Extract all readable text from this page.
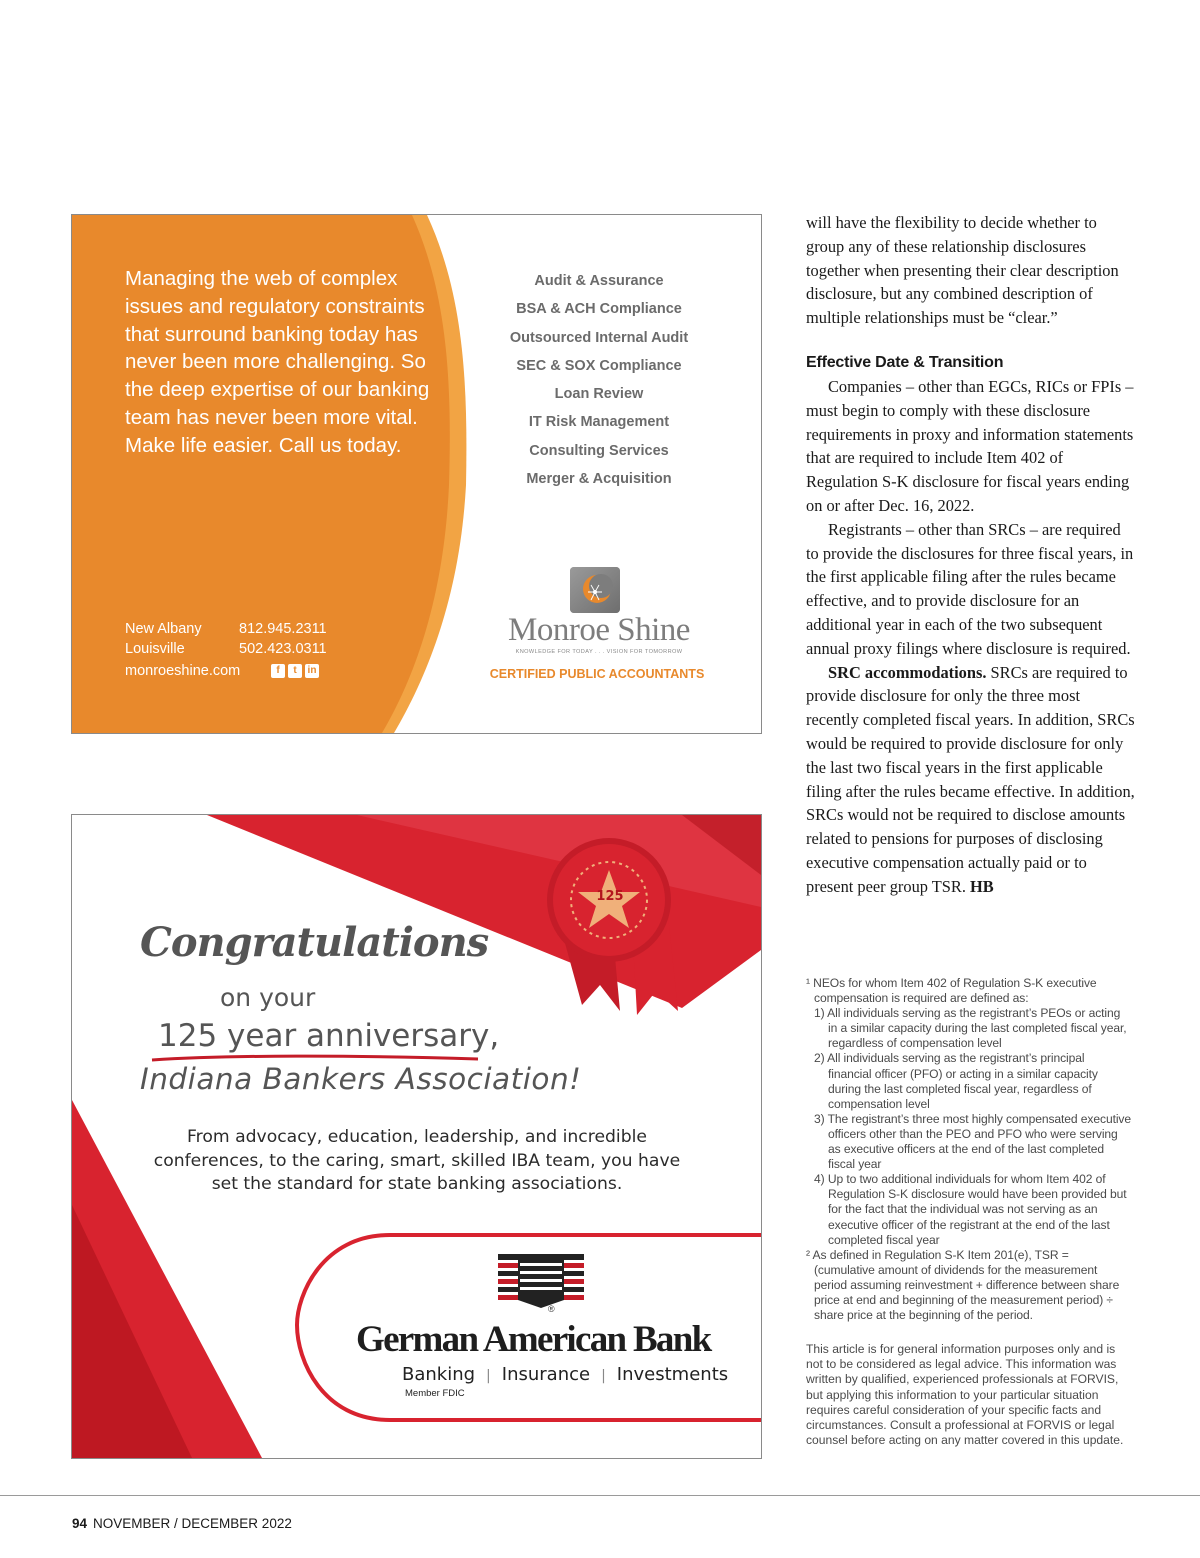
Managing the web of complex issues and regulatory constraints that surround banking today has never been more challenging. So the deep expertise of our banking team has never been more vital. Make life easier. Call us today.
New Albany	812.945.2311
Louisville	502.423.0311
monroeshine.com	f	t	in
Audit & Assurance
BSA & ACH Compliance
Outsourced Internal Audit
SEC & SOX Compliance
Loan Review
IT Risk Management
Consulting Services
Merger & Acquisition
Monroe Shine
KNOWLEDGE FOR TODAY . . . VISION FOR TOMORROW
CERTIFIED PUBLIC ACCOUNTANTS
125
Congratulations
on your
125 year anniversary,
Indiana Bankers Association!
From advocacy, education, leadership, and incredible conferences, to the caring, smart, skilled IBA team, you have set the standard for state banking associations.
®
German American Bank
Banking | Insurance | Investments
Member FDIC

will have the flexibility to decide whether to group any of these relationship disclosures together when presenting their clear description disclosure, but any combined description of multiple relationships must be “clear.”

Effective Date & Transition

Companies – other than EGCs, RICs or FPIs – must begin to comply with these disclosure requirements in proxy and information statements that are required to include Item 402 of Regulation S-K disclosure for fiscal years ending on or after Dec. 16, 2022.

Registrants – other than SRCs – are required to provide the disclosures for three fiscal years, in the first applicable filing after the rules became effective, and to provide disclosure for an additional year in each of the two subsequent annual proxy filings where disclosure is required.

SRC accommodations. SRCs are required to provide disclosure for only the three most recently completed fiscal years. In addition, SRCs would be required to provide disclosure for only the last two fiscal years in the first applicable filing after the rules became effective. In addition, SRCs would not be required to disclose amounts related to pensions for purposes of disclosing executive compensation actually paid or to present peer group TSR. HB

¹ NEOs for whom Item 402 of Regulation S-K executive compensation is required are defined as:
1) All individuals serving as the registrant’s PEOs or acting in a similar capacity during the last completed fiscal year, regardless of compensation level
2) All individuals serving as the registrant’s principal financial officer (PFO) or acting in a similar capacity during the last completed fiscal year, regardless of compensation level
3) The registrant’s three most highly compensated executive officers other than the PEO and PFO who were serving as executive officers at the end of the last completed fiscal year
4) Up to two additional individuals for whom Item 402 of Regulation S-K disclosure would have been provided but for the fact that the individual was not serving as an executive officer of the registrant at the end of the last completed fiscal year
² As defined in Regulation S-K Item 201(e), TSR = (cumulative amount of dividends for the measurement period assuming reinvestment + difference between share price at end and beginning of the measurement period) ÷ share price at the beginning of the period.
This article is for general information purposes only and is not to be considered as legal advice. This information was written by qualified, experienced professionals at FORVIS, but applying this information to your particular situation requires careful consideration of your specific facts and circumstances. Consult a professional at FORVIS or legal counsel before acting on any matter covered in this update.
94 NOVEMBER / DECEMBER 2022
